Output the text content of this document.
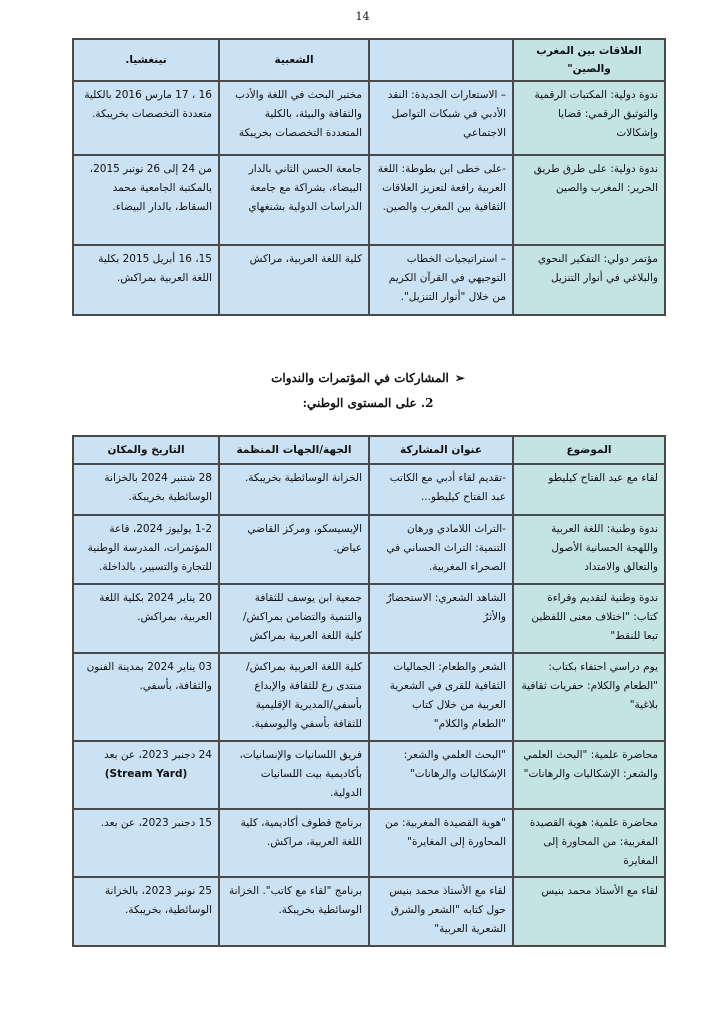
14
العلاقات بين المغرب والصين"		الشعبية	نينغشيا.
ندوة دولية: المكتبات الرقمية والتوثيق الرقمي: قضايا وإشكالات	– الاستعارات الجديدة: النقد الأدبي في شبكات التواصل الاجتماعي	مختبر البحث في اللغة والأدب والثقافة والبيئة، بالكلية المتعددة التخصصات بخريبكة	16 ، 17 مارس 2016 بالكلية متعددة التخصصات بخريبكة.
ندوة دولية: على طرق طريق الحرير: المغرب والصين	-على خطى ابن بطوطة: اللغة العربية رافعة لتعزيز العلاقات الثقافية بين المغرب والصين.	جامعة الحسن الثاني بالدار البيضاء، بشراكة مع جامعة الدراسات الدولية بشنغهاي	من 24 إلى 26 نونبر 2015، بالمكتبة الجامعية محمد السقاط، بالدار البيضاء.
مؤتمر دولي: التفكير النحوي والبلاغي في أنوار التنزيل	– استراتيجيات الخطاب التوجيهي في القرآن الكريم من خلال "أنوار التنزيل".	كلية اللغة العربية، مراكش	15، 16 أبريل 2015 بكلية اللغة العربية بمراكش.
➢المشاركات في المؤتمرات والندوات
2. على المستوى الوطني:
الموضوع	عنوان المشاركة	الجهة/الجهات المنظمة	التاريخ والمكان
لقاء مع عبد الفتاح كيليطو	-تقديم لقاء أدبي مع الكاتب عبد الفتاح كيليطو...	الخزانة الوسائطية بخريبكة.	28 شتنبر 2024 بالخزانة الوسائطية بخريبكة.
ندوة وطنية: اللغة العربية واللهجة الحسانية الأصول والتعالق والامتداد	-التراث اللامادي ورهان التنمية: التراث الحساني في الصحراء المغربية.	الإيسيسكو، ومركز القاضي عياض.	1-2 يوليوز 2024، قاعة المؤتمرات، المدرسة الوطنية للتجارة والتسيير، بالداخلة.
ندوة وطنية لتقديم وقراءة كتاب: "اختلاف معنى اللفظين تبعا للنقط"	الشاهد الشعري: الاستحضارُ والأثرُ	جمعية ابن يوسف للثقافة والتنمية والتضامن بمراكش/ كلية اللغة العربية بمراكش	20 يناير 2024 بكلية اللغة العربية، بمراكش.
يوم دراسي احتفاء بكتاب: "الطعام والكلام: حفريات ثقافية بلاغية"	الشعر والطعام: الجماليات الثقافية للقرى في الشعرية العربية من خلال كتاب "الطعام والكلام"	كلية اللغة العربية بمراكش/ منتدى رع للثقافة والإبداع بأسفي/المديرية الإقليمية للثقافة بأسفي واليوسفية.	03 يناير 2024 بمدينة الفنون والثقافة، بأسفي.
محاضرة علمية: "البحث العلمي والشعر: الإشكاليات والرهانات"	"البحث العلمي والشعر: الإشكاليات والرهانات"	فريق اللسانيات والإنسانيات، بأكاديمية بيت اللسانيات الدولية.	24 دجنبر 2023، عن بعد

(Stream Yard)

محاضرة علمية: هوية القصيدة المغربية: من المحاورة إلى المغايرة	"هوية القصيدة المغربية: من المحاورة إلى المغايرة"	برنامج قطوف أكاديمية، كلية اللغة العربية، مراكش.	15 دجنبر 2023، عن بعد.
لقاء مع الأستاذ محمد بنيس	لقاء مع الأستاذ محمد بنيس حول كتابه "الشعر والشرق الشعرية العربية"	برنامج "لقاء مع كاتب". الخزانة الوسائطية بخريبكة.	25 نونبر 2023، بالخزانة الوسائطية، بخريبكة.
